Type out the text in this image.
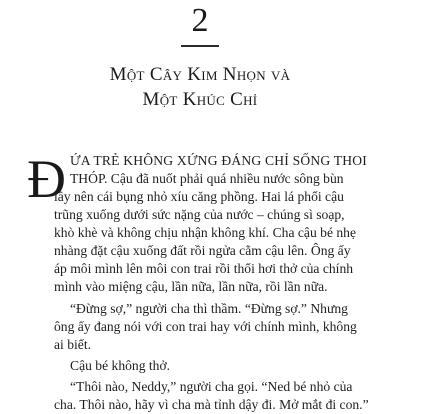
2
Một Cây Kim Nhọn và
Một Khúc Chỉ
Đ ỨA TRẺ KHÔNG XỨNG ĐÁNG CHỈ SỐNG THOI
THÓP. Cậu đã nuốt phải quá nhiều nước sông bùn
lầy nên cái bụng nhỏ xíu căng phồng. Hai lá phổi cậu
trũng xuống dưới sức nặng của nước – chúng sì soạp,
khò khè và không chịu nhận không khí. Cha cậu bé nhẹ
nhàng đặt cậu xuống đất rồi ngửa cằm cậu lên. Ông ấy
áp môi mình lên môi con trai rồi thổi hơi thở của chính
mình vào miệng cậu, lần nữa, lần nữa, rồi lần nữa.
“Đừng sợ,” người cha thì thầm. “Đừng sợ.” Nhưng
ông ấy đang nói với con trai hay với chính mình, không
ai biết.
Cậu bé không thở.
“Thôi nào, Neddy,” người cha gọi. “Ned bé nhỏ của
cha. Thôi nào, hãy vì cha mà tỉnh dậy đi. Mở mắt đi con.”
